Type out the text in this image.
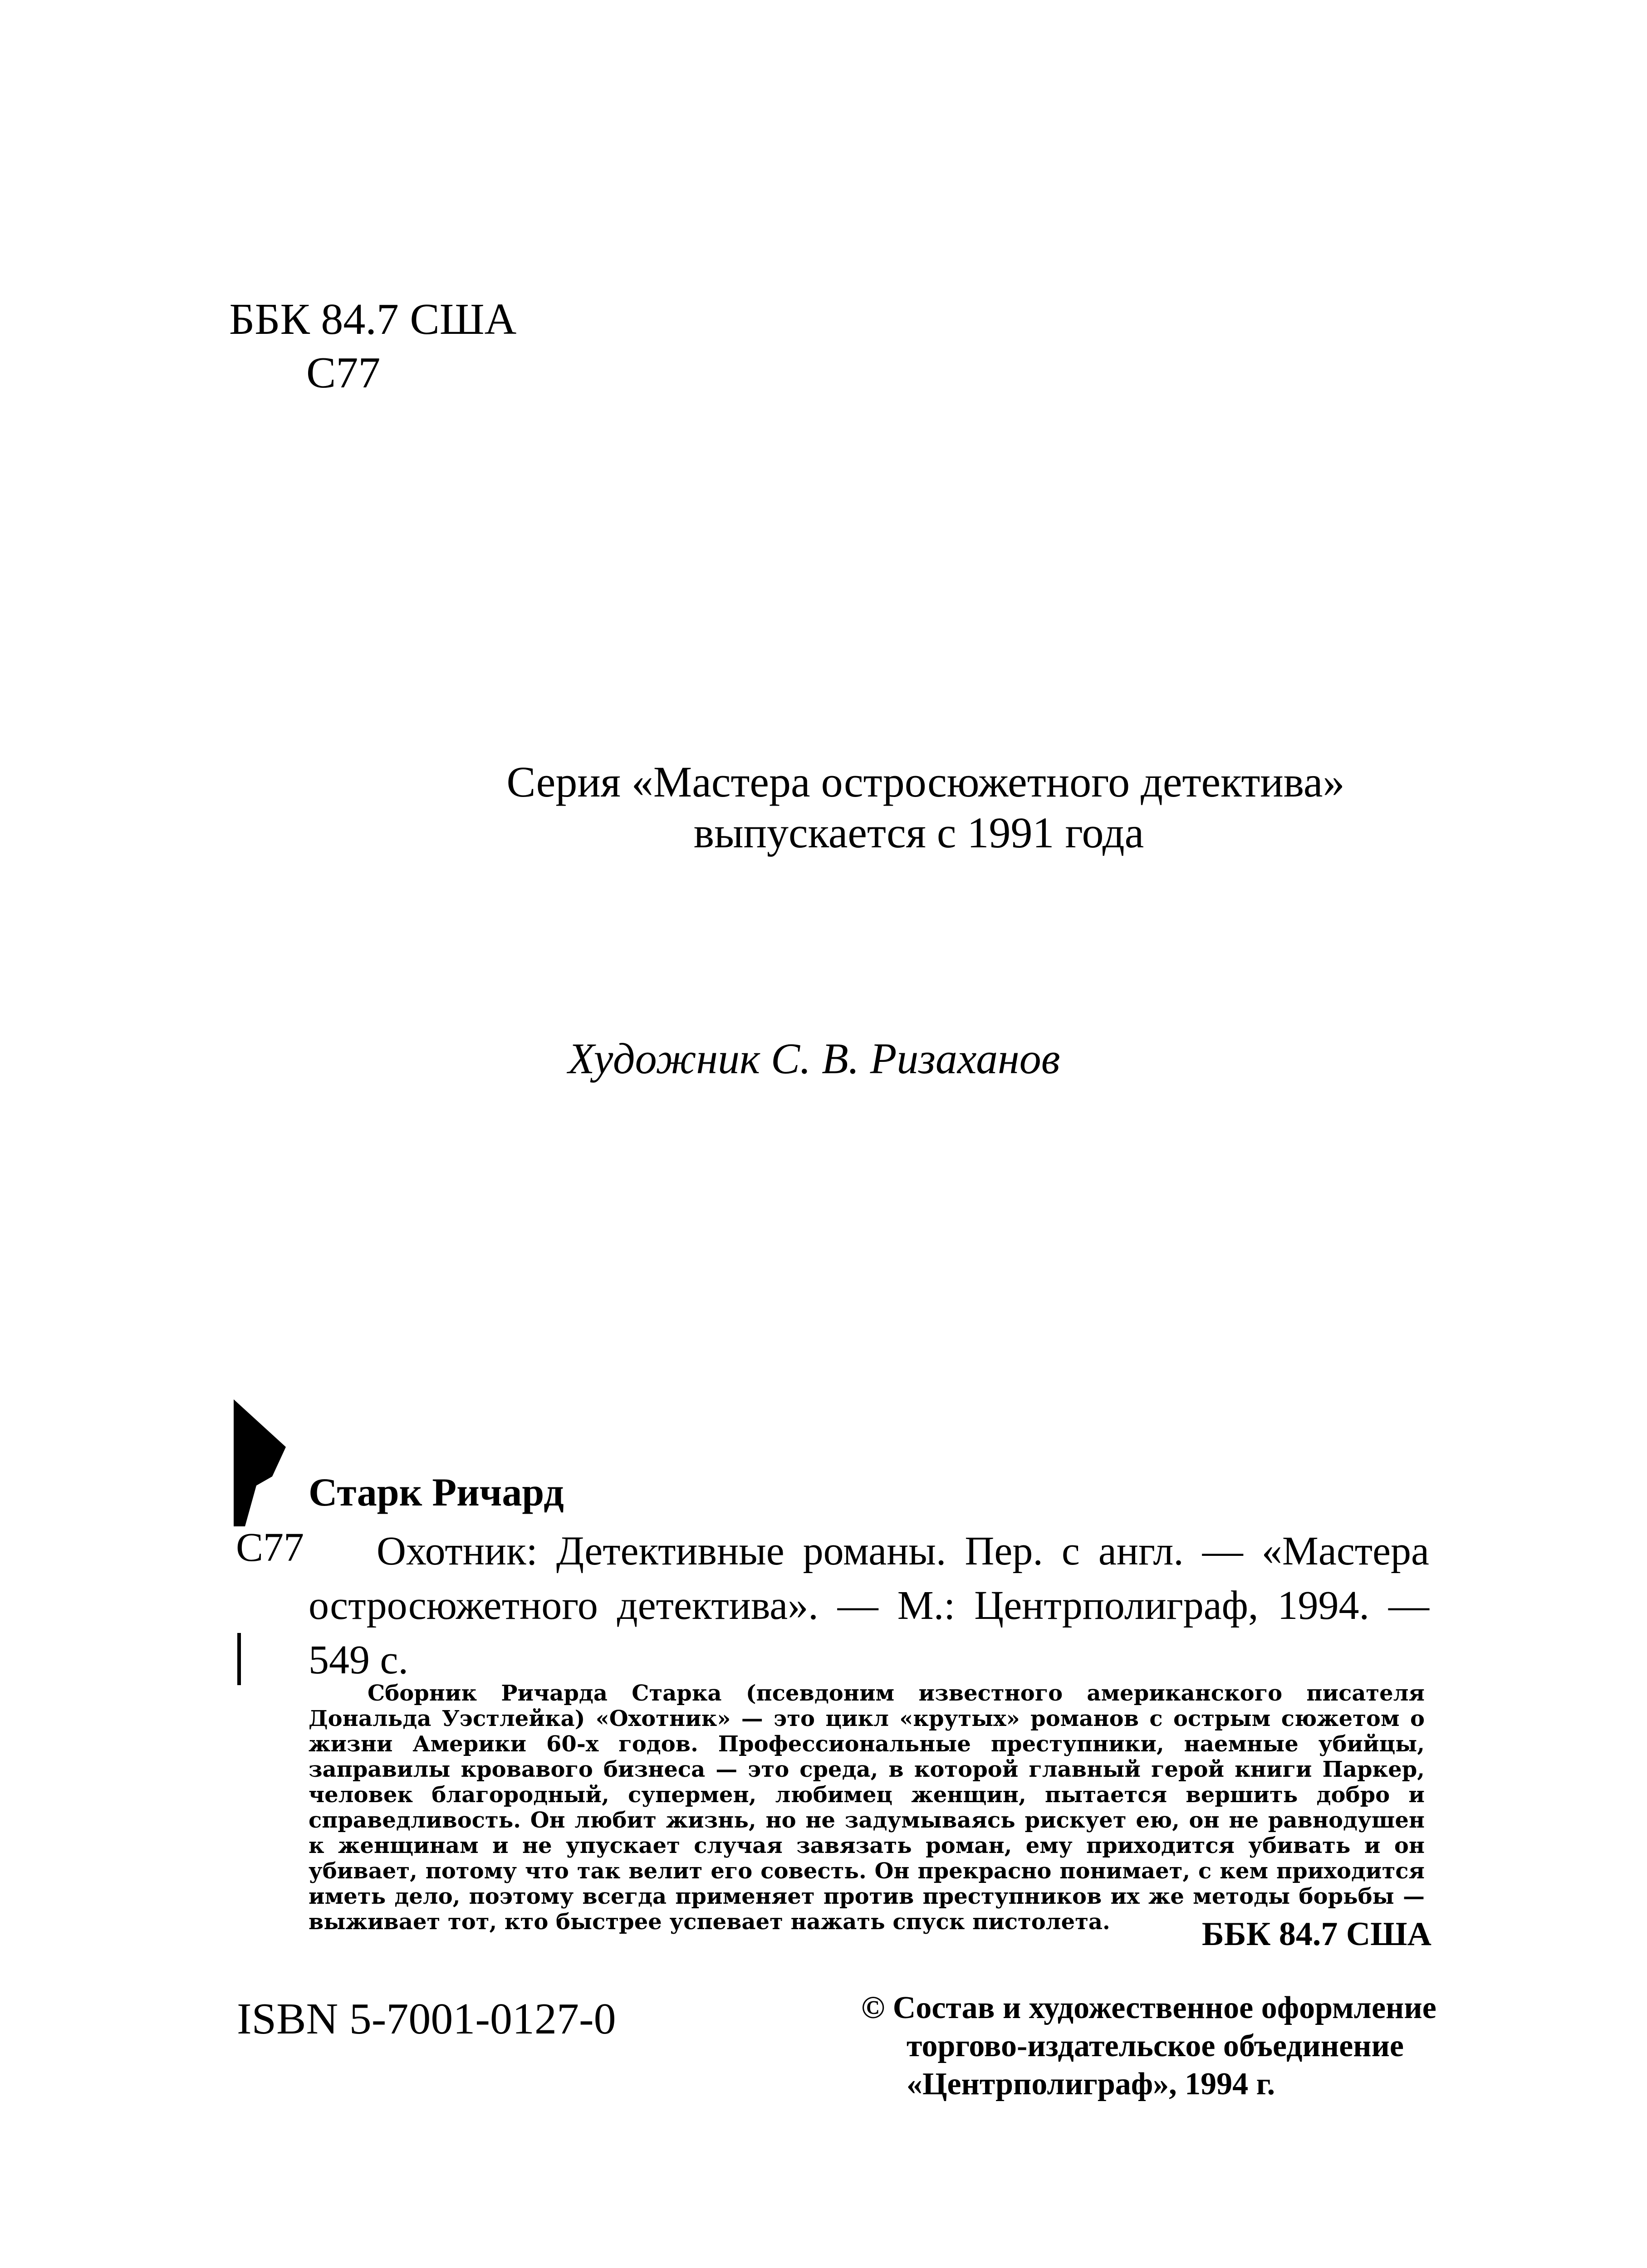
ББК 84.7 США
С77
Серия «Мастера остросюжетного детектива»
выпускается с 1991 года
Художник С. В. Ризаханов
Старк Ричард
С77	Охотник: Детективные романы. Пер. с англ. — «Мастера остросюжетного детектива». — М.: Центрполиграф, 1994. — 549 с.
Сборник Ричарда Старка (псевдоним известного американского писателя Дональда Уэстлейка) «Охотник» — это цикл «крутых» романов с острым сюжетом о жизни Америки 60-х годов. Профессиональные преступники, наемные убийцы, заправилы кровавого бизнеса — это среда, в которой главный герой книги Паркер, человек благородный, супермен, любимец женщин, пытается вершить добро и справедливость. Он любит жизнь, но не задумываясь рискует ею, он не равнодушен к женщинам и не упускает случая завязать роман, ему приходится убивать и он убивает, потому что так велит его совесть. Он прекрасно понимает, с кем приходится иметь дело, поэтому всегда применяет против преступников их же методы борьбы — выживает тот, кто быстрее успевает нажать спуск пистолета.	ББК 84.7 США
ISBN 5-7001-0127-0	© Состав и художественное оформление
торгово-издательское объединение
«Центрполиграф», 1994 г.
